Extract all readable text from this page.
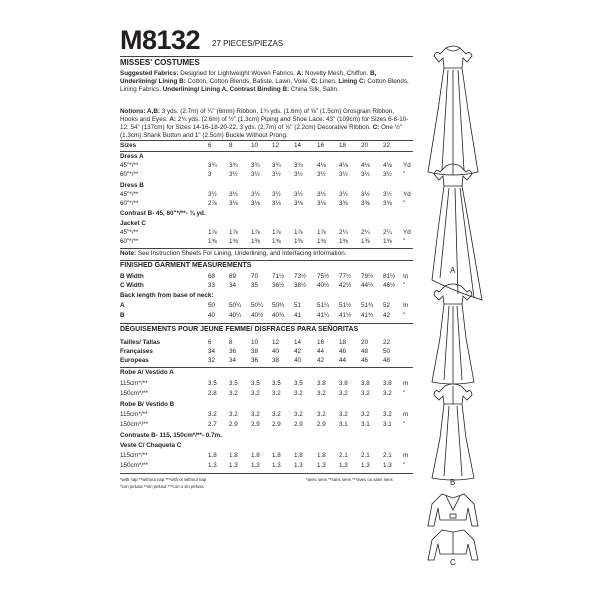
M8132 27 PIECES/PIEZAS
MISSES' COSTUMES
Suggested Fabrics: Designed for Lightweight Woven Fabrics. A: Novelty Mesh, Chiffon. B, Underlining/ Lining B: Cotton, Cotton Blends, Batiste, Lawn, Voile. C: Linen. Lining C: Cotton Blends, Lining Fabrics. Underlining/ Lining A, Contrast Binding B: China Silk, Satin.
Notions: A,B: 3 yds. (2.7m) of ¼" (6mm) Ribbon, 1¾ yds. (1.6m) of ⅝" (1.5cm) Grosgrain Ribbon, Hooks and Eyes. A: 2¾ yds. (2.6m) of ½" (1.3cm) Piping and Shoe Lace: 43" (109cm) for Sizes 6-8-10-12; 54" (137cm) for Sizes 14-16-18-20-22, 3 yds. (2.7m) of ⅞" (2.2cm) Decorative Ribbon. C: One ½" (1.3cm) Shank Button and 1" (2.5cm) Buckle Without Prong.
Sizes	6	8	10 12 14	16 18 20 22
Dress A
45"*/**	3¾ 3¾ 3¾ 3¾ 3¾ 4⅛ 4⅛ 4⅛ 4⅛ Yd
60"*/**	3	3½ 3½ 3½ 3½ 3½ 3½ 3½ 3½ "
Dress B
45"*/**	3½ 3½ 3½ 3½ 3½ 3½ 3½ 3½ 3½ Yd
60"*/**	2⅞ 3⅛ 3⅛ 3⅛ 3⅛ 3⅛ 3⅜ 3⅜ 3⅜ "
Contrast B- 45, 60"*/**- ¾ yd.
Jacket C
45"*/**	1⅞ 1⅞ 1⅞ 1⅞ 1⅞ 1⅞ 2¼ 2¼ 2¼ Yd
60"*/**	1⅜ 1⅜ 1⅜ 1⅜ 1⅜ 1⅜ 1⅜ 1⅜ 1⅜ "
Note: See Instruction Sheets For Lining, Underlining, and Interfacing Information.
FINISHED GARMENT MEASUREMENTS
B Width	68 69 70 71½ 73½ 75½ 77½ 79½ 81½ In
C Width	33 34 35 36½ 38½ 40½ 42½ 44½ 46½ "
Back length from base of neck:
A	50 50¼ 50¼ 50¾ 51	51¼ 51½ 51¾ 52 In
B	40 40¼ 40½ 40¾ 41	41¼ 41½ 41¾ 42 "
DÉGUISEMENTS POUR JEUNE FEMME/ DISFRACES PARA SEÑORITAS
Tailles/ Tallas	6	8	10 12 14	16 18 20 22
Françaises	34 36 38 40 42	44 46 48 50
Europeas	32 34 36 38 40	42 44 46 48
Robe A/ Vestido A
115cm*/**	3.5 3.5 3.5 3.5 3.5 3.8 3.8 3.8 3.8 m
150cm*/**	2.8 3.2 3.2 3.2 3.2 3.2 3.2 3.2 3.2 "
Robe B/ Vestido B
115cm*/**	3.2 3.2 3.2 3.2 3.2 3.2 3.2 3.2 3.2 m
150cm*/**	2.7 2.9 2.9 2.9 2.9 2.9 3.1 3.1 3.1 "
Contraste B- 115, 150cm*/**- 0.7m.
Veste C/ Chaqueta C
115cm*/**	1.8 1.8 1.8 1.8 1.8 1.8 2.1 2.1 2.1 m
150cm*/**	1.3 1.3 1.3 1.3 1.3 1.3 1.3 1.3 1.3 "
*with nap **without nap ***with or without nap
*con pelusa **sin pelusa ***con o sin pelusa
*avec sens **sans sens ***avec ou sans sens
A
B
C
